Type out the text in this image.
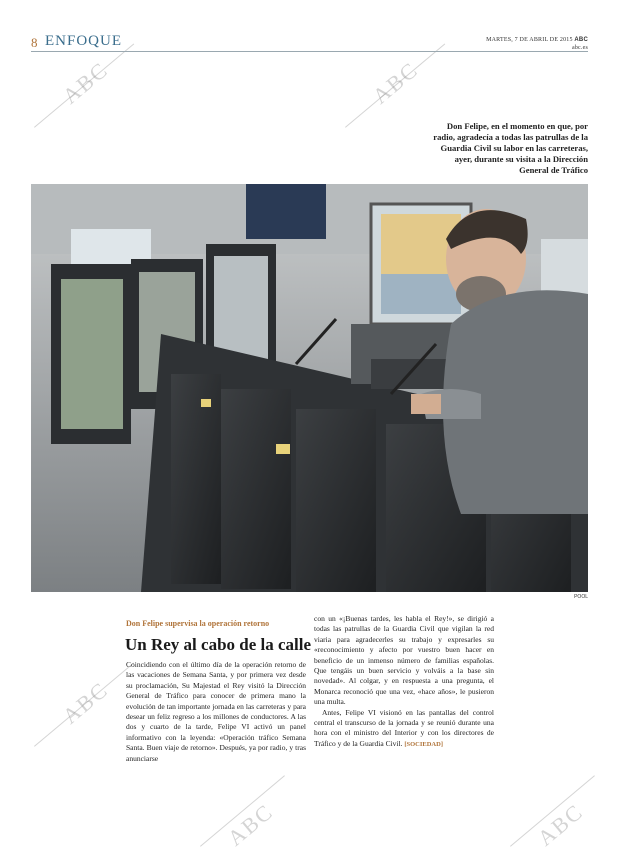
ABC	ABC
ABC
ABC	ABC
8 ENFOQUE	MARTES, 7 DE ABRIL DE 2015 ABC
abc.es
Don Felipe, en el momento en que, por radio, agradecía a todas las patrullas de la Guardia Civil su labor en las carreteras, ayer, durante su visita a la Dirección General de Tráfico
POOL
Don Felipe supervisa la operación retorno
Un Rey al cabo de la calle
Coincidiendo con el último día de la operación retorno de las vacaciones de Semana Santa, y por primera vez desde su proclamación, Su Majestad el Rey visitó la Dirección General de Tráfico para conocer de primera mano la evolución de tan importante jornada en las carreteras y para desear un feliz regreso a los millones de conductores. A las dos y cuarto de la tarde, Felipe VI activó un panel informativo con la leyenda: «Operación tráfico Semana Santa. Buen viaje de retorno». Después, ya por radio, y tras anunciarse
con un «¡Buenas tardes, les habla el Rey!», se dirigió a todas las patrullas de la Guardia Civil que vigilan la red viaria para agradecerles su trabajo y expresarles su «reconocimiento y afecto por vuestro buen hacer en beneficio de un inmenso número de familias españolas. Que tengáis un buen servicio y volváis a la base sin novedad». Al colgar, y en respuesta a una pregunta, el Monarca reconoció que una vez, «hace años», le pusieron una multa.
Antes, Felipe VI visionó en las pantallas del control central el transcurso de la jornada y se reunió durante una hora con el ministro del Interior y con los directores de Tráfico y de la Guardia Civil. [SOCIEDAD]
